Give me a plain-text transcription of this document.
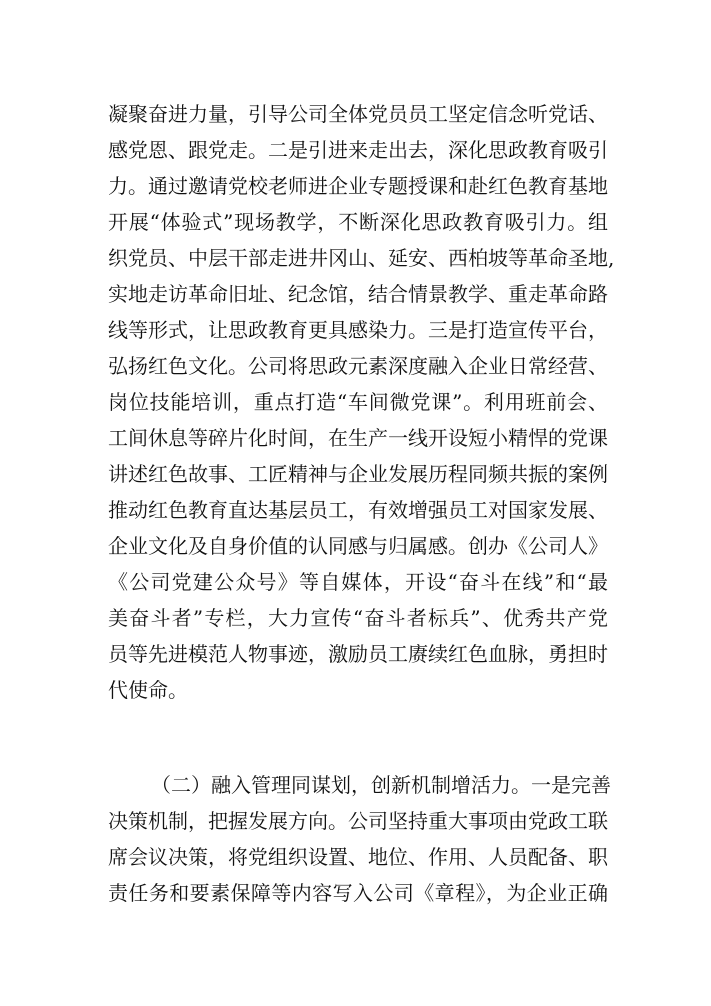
凝聚奋进力量，引导公司全体党员员工坚定信念听党话、
感党恩、跟党走。二是引进来走出去，深化思政教育吸引
力。通过邀请党校老师进企业专题授课和赴红色教育基地
开展“体验式”现场教学，不断深化思政教育吸引力。组
织党员、中层干部走进井冈山、延安、西柏坡等革命圣地,
实地走访革命旧址、纪念馆，结合情景教学、重走革命路
线等形式，让思政教育更具感染力。三是打造宣传平台，
弘扬红色文化。公司将思政元素深度融入企业日常经营、
岗位技能培训，重点打造“车间微党课”。利用班前会、
工间休息等碎片化时间，在生产一线开设短小精悍的党课
讲述红色故事、工匠精神与企业发展历程同频共振的案例
推动红色教育直达基层员工，有效增强员工对国家发展、
企业文化及自身价值的认同感与归属感。创办《公司人》
《公司党建公众号》等自媒体，开设“奋斗在线”和“最
美奋斗者”专栏，大力宣传“奋斗者标兵”、优秀共产党
员等先进模范人物事迹，激励员工赓续红色血脉，勇担时
代使命。
（二）融入管理同谋划，创新机制增活力。一是完善
决策机制，把握发展方向。公司坚持重大事项由党政工联
席会议决策，将党组织设置、地位、作用、人员配备、职
责任务和要素保障等内容写入公司《章程》，为企业正确
